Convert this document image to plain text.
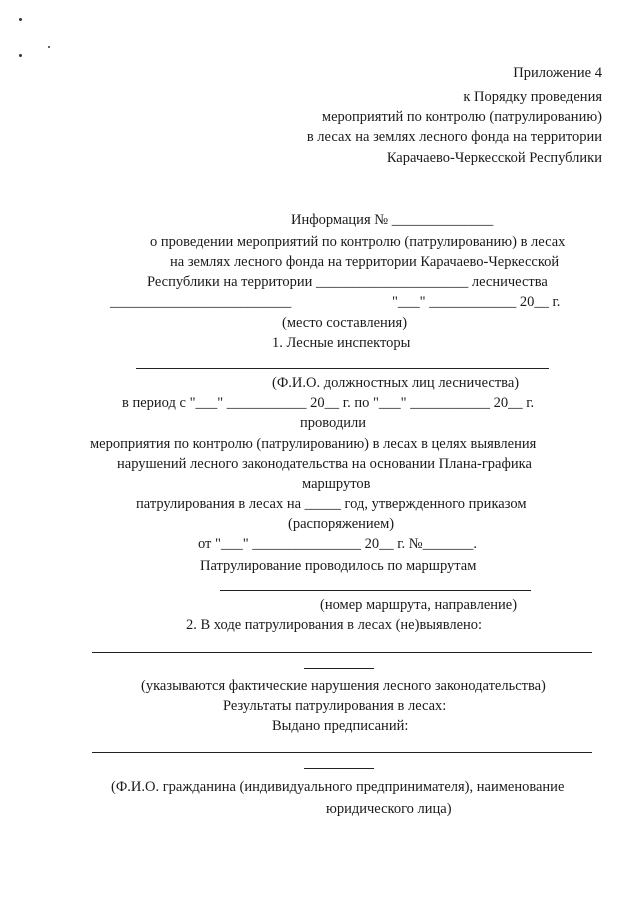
Приложение 4
к Порядку проведения
мероприятий по контролю (патрулированию)
в лесах на землях лесного фонда на территории
Карачаево-Черкесской Республики
Информация № ______________
о проведении мероприятий по контролю (патрулированию) в лесах
на землях лесного фонда на территории Карачаево-Черкесской
Республики на территории _____________________ лесничества
_________________________	"___" ____________ 20__ г.
(место составления)
1. Лесные инспекторы
(Ф.И.О. должностных лиц лесничества)
в период с "___" ___________ 20__ г. по "___" ___________ 20__ г.
проводили
мероприятия по контролю (патрулированию) в лесах в целях выявления
нарушений лесного законодательства на основании Плана-графика
маршрутов
патрулирования в лесах на _____ год, утвержденного приказом
(распоряжением)
от "___" _______________ 20__ г. №_______.
Патрулирование проводилось по маршрутам
(номер маршрута, направление)
2. В ходе патрулирования в лесах (не)выявлено:
(указываются фактические нарушения лесного законодательства)
Результаты патрулирования в лесах:
Выдано предписаний:
(Ф.И.О. гражданина (индивидуального предпринимателя), наименование
юридического лица)
